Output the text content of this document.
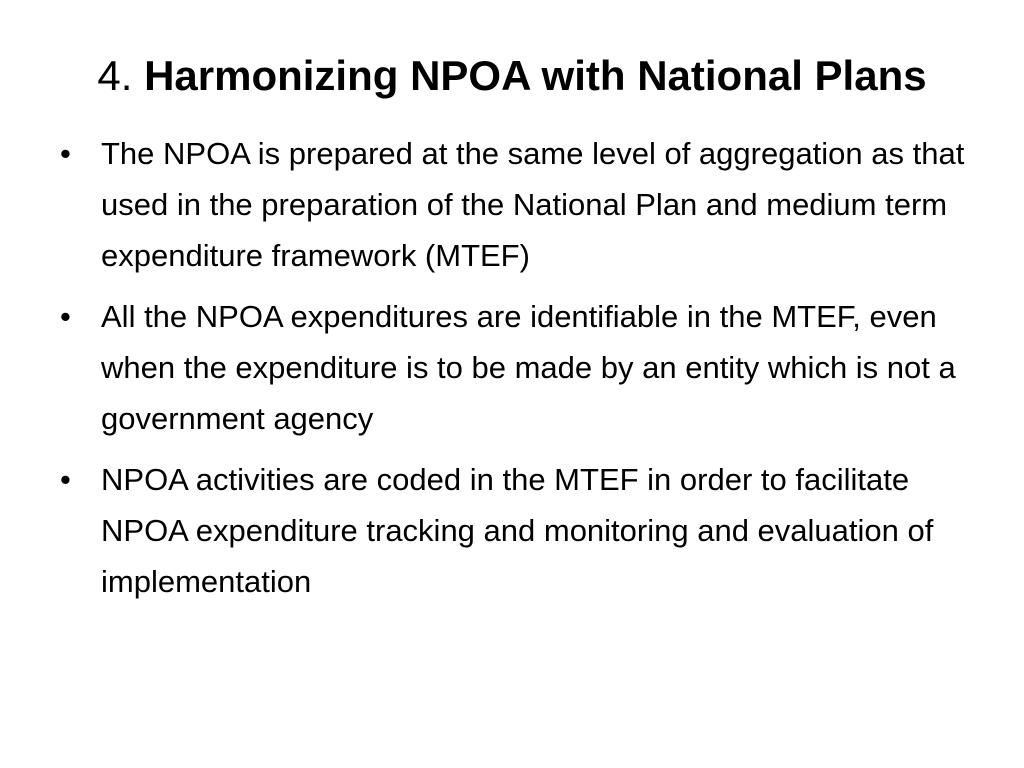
4. Harmonizing NPOA with National Plans
• The NPOA is prepared at the same level of aggregation as that used in the preparation of the National Plan and medium term expenditure framework (MTEF)
• All the NPOA expenditures are identifiable in the MTEF, even when the expenditure is to be made by an entity which is not a government agency
• NPOA activities are coded in the MTEF in order to facilitate NPOA expenditure tracking and monitoring and evaluation of implementation
